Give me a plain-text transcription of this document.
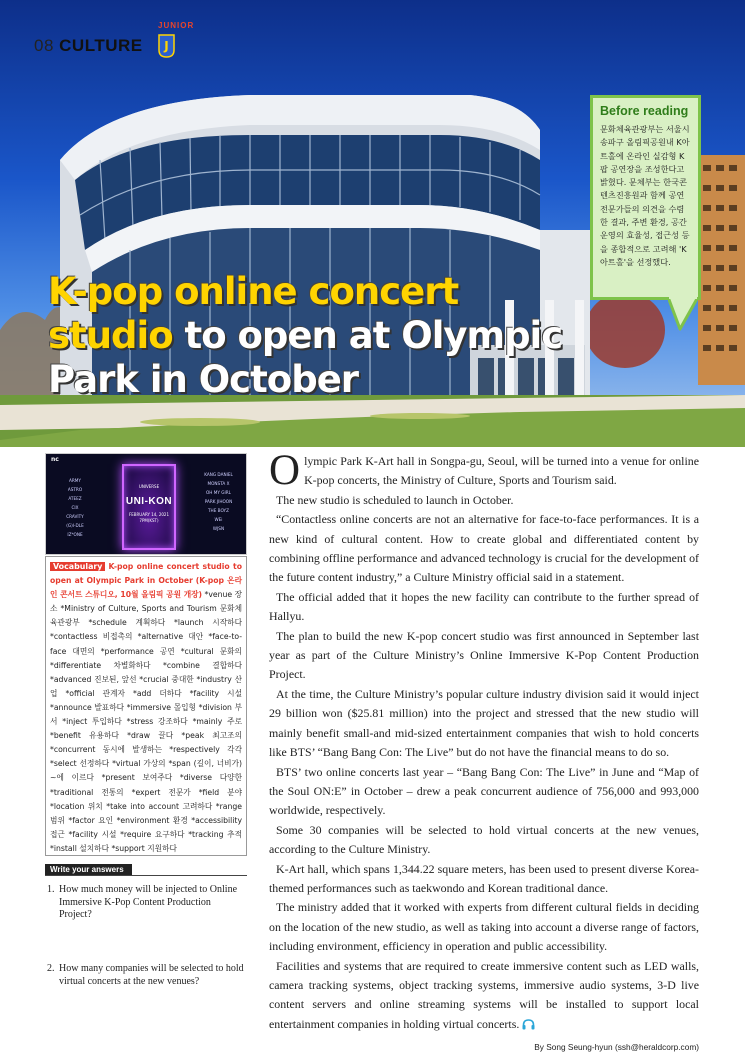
08 CULTURE
JUNIOR
J
Before reading
문화체육관광부는 서울시 송파구 올림픽공원내 K아트홀에 온라인 실감형 K팝 공연장을 조성한다고 밝혔다. 문체부는 한국콘텐츠진흥원과 함께 공연 전문가들의 의견을 수렴한 결과, 주변 환경, 공간 운영의 효율성, 접근성 등을 종합적으로 고려해 'K아트홀'을 선정했다.
K-pop online concert
studio to open at Olympic
Park in October
nc
ARMY
ASTRO
ATEEZ
CIX
CRAVITY
(G)I-DLE
IZ*ONE
UNIVERSE
UNI-KON
FEBRUARY 14, 2021
7PM(KST)
KANG DANIEL
MONSTA X
OH MY GIRL
PARK JIHOON
THE BOYZ
WEi
WJSN
Vocabulary K-pop online concert studio to open at Olympic Park in October (K-pop 온라인 콘서트 스튜디오, 10월 올림픽 공원 개장) *venue 장소 *Ministry of Culture, Sports and Tourism 문화체육관광부 *schedule 계획하다 *launch 시작하다 *contactless 비접촉의 *alternative 대안 *face-to-face 대면의 *performance 공연 *cultural 문화의 *differentiate 차별화하다 *combine 결합하다 *advanced 진보된, 앞선 *crucial 중대한 *industry 산업 *official 관계자 *add 더하다 *facility 시설 *announce 발표하다 *immersive 몰입형 *division 부서 *inject 투입하다 *stress 강조하다 *mainly 주로 *benefit 유용하다 *draw 끌다 *peak 최고조의 *concurrent 동시에 발생하는 *respectively 각각 *select 선정하다 *virtual 가상의 *span (길이, 너비가) ~에 이르다 *present 보여주다 *diverse 다양한 *traditional 전통의 *expert 전문가 *field 분야 *location 위치 *take into account 고려하다 *range 범위 *factor 요인 *environment 환경 *accessibility 접근 *facility 시설 *require 요구하다 *tracking 추적 *install 설치하다 *support 지원하다
Write your answers
1. How much money will be injected to Online Immersive K-Pop Content Production Project?
2. How many companies will be selected to hold virtual concerts at the new venues?

Olympic Park K-Art hall in Songpa-gu, Seoul, will be turned into a venue for online K-pop concerts, the Ministry of Culture, Sports and Tourism said.

The new studio is scheduled to launch in October.

“Contactless online concerts are not an alternative for face-to-face performances. It is a new kind of cultural content. How to create global and differentiated content by combining offline performance and advanced technology is crucial for the development of the future content industry,” a Culture Ministry official said in a statement.

The official added that it hopes the new facility can contribute to the further spread of Hallyu.

The plan to build the new K-pop concert studio was first announced in September last year as part of the Culture Ministry’s Online Immersive K-Pop Content Production Project.

At the time, the Culture Ministry’s popular culture industry division said it would inject 29 billion won ($25.81 million) into the project and stressed that the new studio will mainly benefit small-and mid-sized entertainment companies that wish to hold concerts like BTS’ “Bang Bang Con: The Live” but do not have the financial means to do so.

BTS’ two online concerts last year – “Bang Bang Con: The Live” in June and “Map of the Soul ON:E” in October – drew a peak concurrent audience of 756,000 and 993,000 worldwide, respectively.

Some 30 companies will be selected to hold virtual concerts at the new venues, according to the Culture Ministry.

K-Art hall, which spans 1,344.22 square meters, has been used to present diverse Korea-themed performances such as taekwondo and Korean traditional dance.

The ministry added that it worked with experts from different cultural fields in deciding on the location of the new studio, as well as taking into account a diverse range of factors, including environment, efficiency in operation and public accessibility.

Facilities and systems that are required to create immersive content such as LED walls, camera tracking systems, object tracking systems, immersive audio systems, 3-D live content servers and online streaming systems will be installed to support local entertainment companies in holding virtual concerts.
By Song Seung-hyun (ssh@heraldcorp.com)
